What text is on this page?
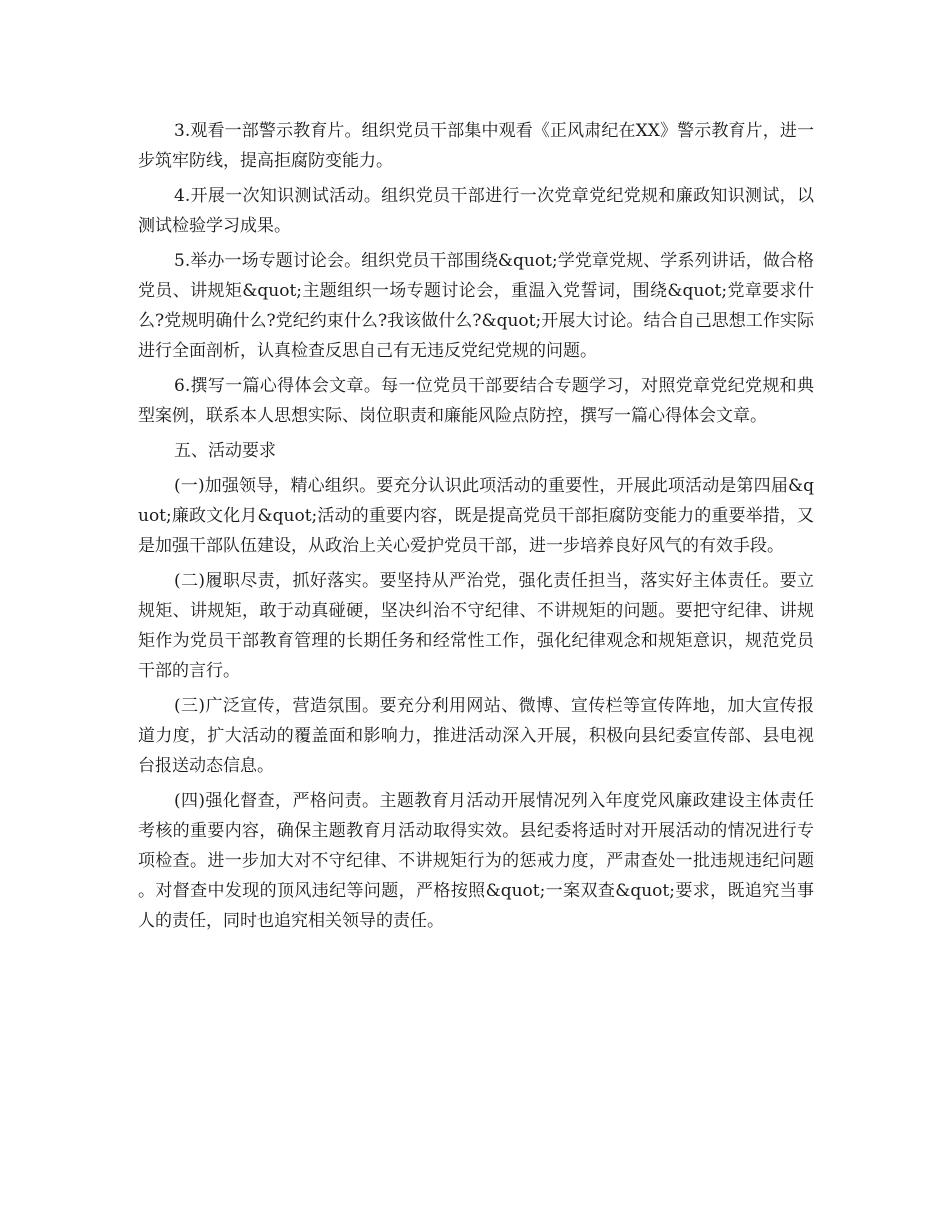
3.观看一部警示教育片。组织党员干部集中观看《正风肃纪在XX》警示教育片，进一步筑牢防线，提高拒腐防变能力。

4.开展一次知识测试活动。组织党员干部进行一次党章党纪党规和廉政知识测试，以测试检验学习成果。

5.举办一场专题讨论会。组织党员干部围绕&quot;学党章党规、学系列讲话，做合格党员、讲规矩&quot;主题组织一场专题讨论会，重温入党誓词，围绕&quot;党章要求什么?党规明确什么?党纪约束什么?我该做什么?&quot;开展大讨论。结合自己思想工作实际进行全面剖析，认真检查反思自己有无违反党纪党规的问题。

6.撰写一篇心得体会文章。每一位党员干部要结合专题学习，对照党章党纪党规和典型案例，联系本人思想实际、岗位职责和廉能风险点防控，撰写一篇心得体会文章。

五、活动要求

(一)加强领导，精心组织。要充分认识此项活动的重要性，开展此项活动是第四届&quot;廉政文化月&quot;活动的重要内容，既是提高党员干部拒腐防变能力的重要举措，又是加强干部队伍建设，从政治上关心爱护党员干部，进一步培养良好风气的有效手段。

(二)履职尽责，抓好落实。要坚持从严治党，强化责任担当，落实好主体责任。要立规矩、讲规矩，敢于动真碰硬，坚决纠治不守纪律、不讲规矩的问题。要把守纪律、讲规矩作为党员干部教育管理的长期任务和经常性工作，强化纪律观念和规矩意识，规范党员干部的言行。

(三)广泛宣传，营造氛围。要充分利用网站、微博、宣传栏等宣传阵地，加大宣传报道力度，扩大活动的覆盖面和影响力，推进活动深入开展，积极向县纪委宣传部、县电视台报送动态信息。

(四)强化督查，严格问责。主题教育月活动开展情况列入年度党风廉政建设主体责任考核的重要内容，确保主题教育月活动取得实效。县纪委将适时对开展活动的情况进行专项检查。进一步加大对不守纪律、不讲规矩行为的惩戒力度，严肃查处一批违规违纪问题。对督查中发现的顶风违纪等问题，严格按照&quot;一案双查&quot;要求，既追究当事人的责任，同时也追究相关领导的责任。
